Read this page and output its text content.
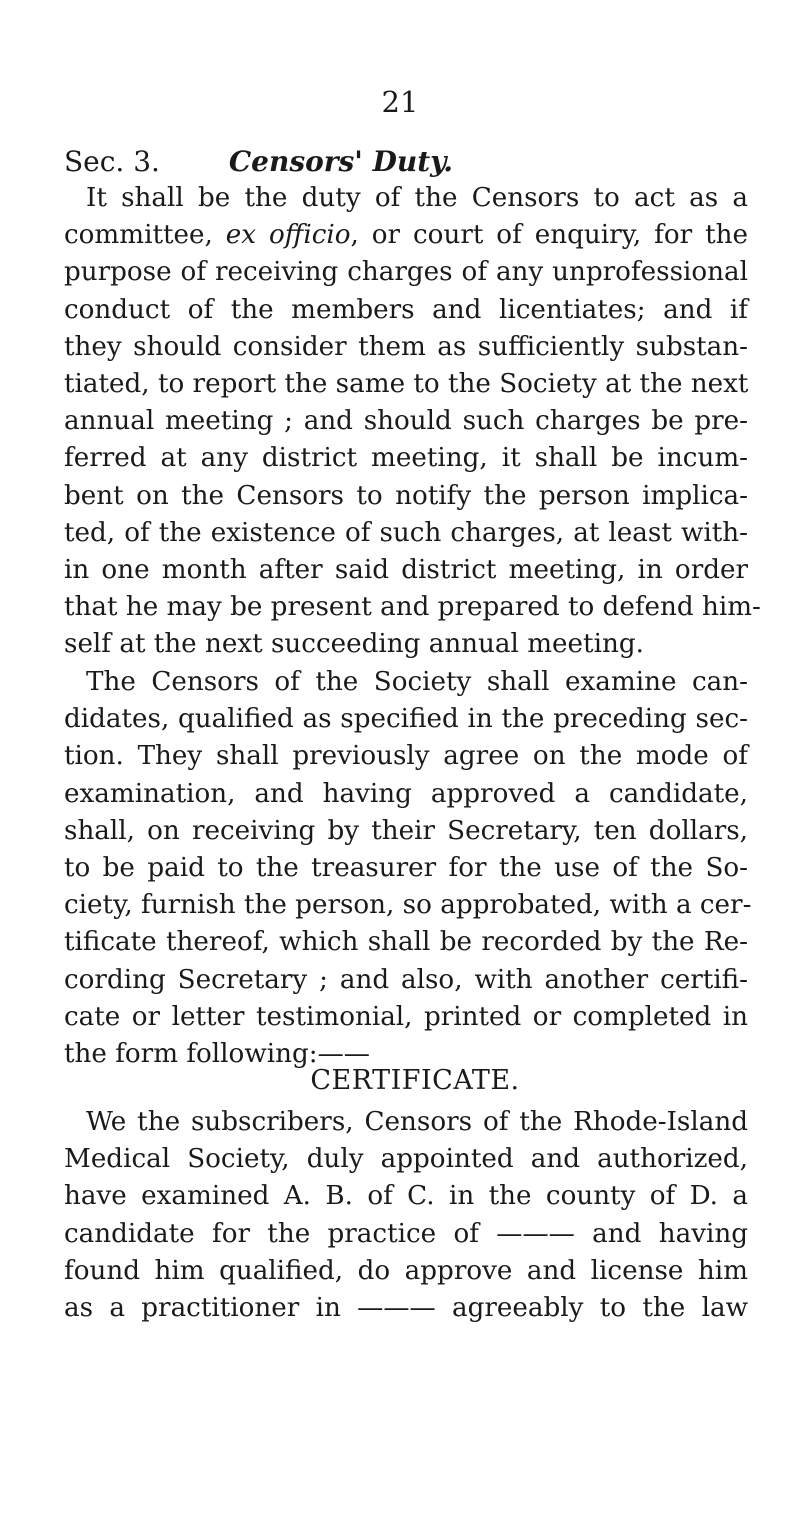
21
Sec. 3. Censors' Duty.
It shall be the duty of the Censors to act as a
committee, ex officio, or court of enquiry, for the
purpose of receiving charges of any unprofessional
conduct of the members and licentiates; and if
they should consider them as sufficiently substan-
tiated, to report the same to the Society at the next
annual meeting ; and should such charges be pre-
ferred at any district meeting, it shall be incum-
bent on the Censors to notify the person implica-
ted, of the existence of such charges, at least with-
in one month after said district meeting, in order
that he may be present and prepared to defend him-
self at the next succeeding annual meeting.
The Censors of the Society shall examine can-
didates, qualified as specified in the preceding sec-
tion. They shall previously agree on the mode of
examination, and having approved a candidate,
shall, on receiving by their Secretary, ten dollars,
to be paid to the treasurer for the use of the So-
ciety, furnish the person, so approbated, with a cer-
tificate thereof, which shall be recorded by the Re-
cording Secretary ; and also, with another certifi-
cate or letter testimonial, printed or completed in
the form following:——
CERTIFICATE.
We the subscribers, Censors of the Rhode-Island
Medical Society, duly appointed and authorized,
have examined A. B. of C. in the county of D. a
candidate for the practice of ——— and having
found him qualified, do approve and license him
as a practitioner in ——— agreeably to the law
